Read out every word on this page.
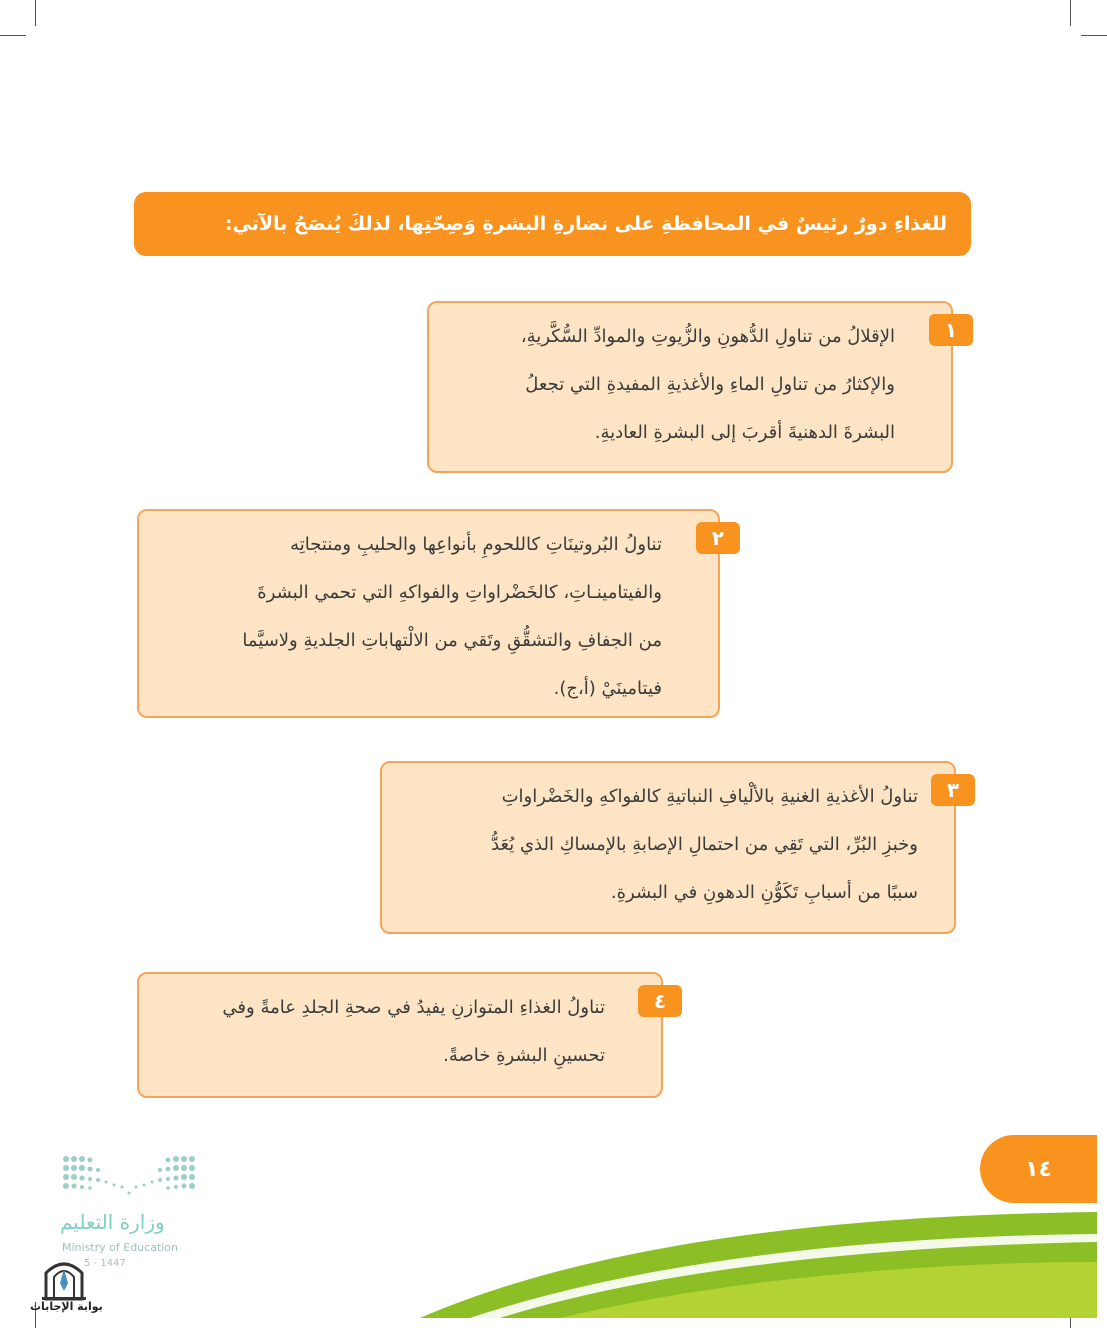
للغذاءِ دورٌ رئيسٌ في المحافظةِ على نضارةِ البشرةِ وَصِحّتِها، لذلكَ يُنصَحُ بالآتي:

الإقلالُ من تناولِ الدُّهونِ والزُّيوتِ والموادِّ السُّكَّريةِ،

والإكثارُ من تناولِ الماءِ والأغذيةِ المفيدةِ التي تجعلُ

البشرةَ الدهنيةَ أقربَ إلى البشرةِ العاديةِ.

١

تناولُ البُروتينَاتِ كاللحومِ بأنواعِها والحليبِ ومنتجاتِه

والفيتامينـاتِ، كالخَضْراواتِ والفواكهِ التي تحمي البشرةَ

من الجفافِ والتشقُّقِ وتَقي من الالْتهاباتِ الجلديةِ ولاسيَّما

فيتامينَيْ (أ،ج).

٢

تناولُ الأغذيةِ الغنيةِ بالألْيافِ النباتيةِ كالفواكهِ والخَضْراواتِ

وخبزِ البُرِّ، التي تَقِي من احتمالِ الإصابةِ بالإمساكِ الذي يُعَدُّ

سببًا من أسبابِ تَكَوُّنِ الدهونِ في البشرةِ.

٣

تناولُ الغذاءِ المتوازنِ يفيدُ في صحةِ الجلدِ عامةً وفي

تحسينِ البشرةِ خاصةً.

٤
١٤
وزارة التعليم
Ministry of Education
5 - 1447
بوابة الإجابات
